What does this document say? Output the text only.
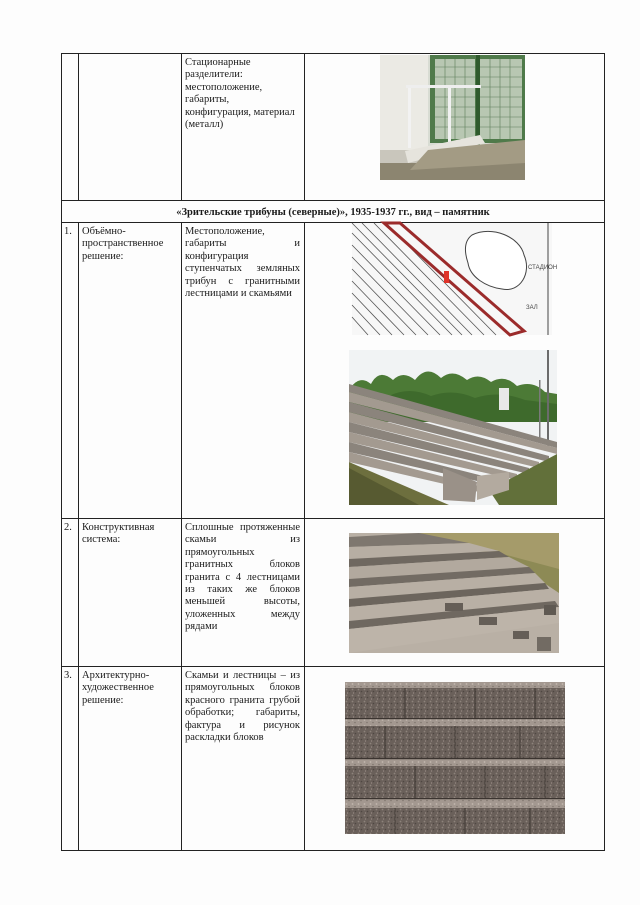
Стационарные разделители: местоположение, габариты, конфигурация, материал (металл)
«Зрительские трибуны (северные)», 1935-1937 гг., вид – памятник
1. Объёмно-пространственное решение:
Местоположение, габариты и конфигурация ступенчатых земляных трибун с гранитными лестницами и скамьями
СТАДИОН
ЗАЛ
2. Конструктивная система:
Сплошные протяженные скамьи из прямоугольных гранитных блоков гранита с 4 лестницами из таких же блоков меньшей высоты, уложенных между рядами
3. Архитектурно-художественное решение:
Скамьи и лестницы – из прямоугольных блоков красного гранита грубой обработки; габариты, фактура и рисунок раскладки блоков
